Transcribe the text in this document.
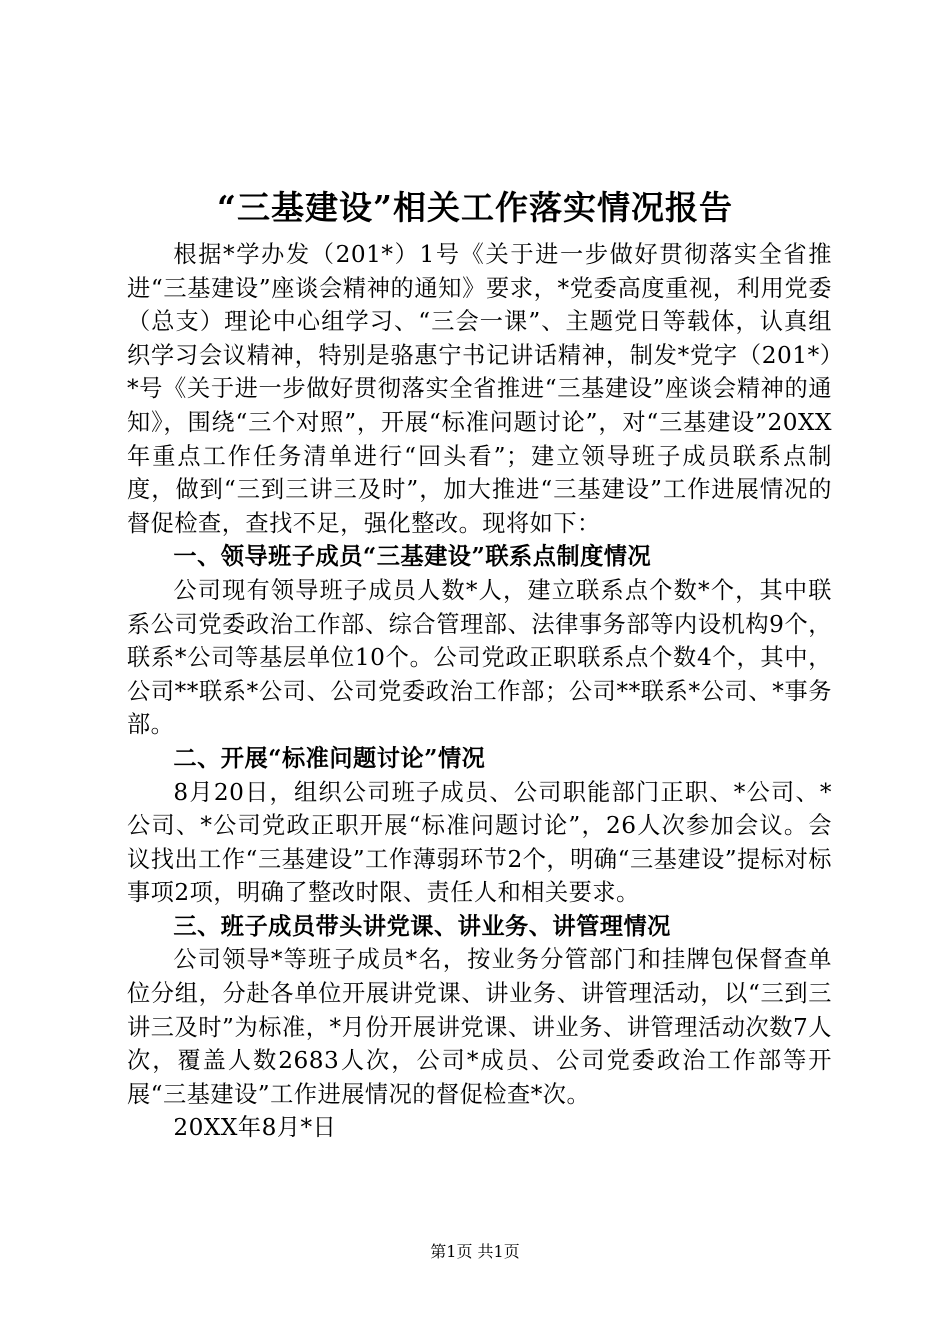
“三基建设”相关工作落实情况报告

根据*学办发（201*）1号《关于进一步做好贯彻落实全省推进“三基建设”座谈会精神的通知》要求，*党委高度重视，利用党委（总支）理论中心组学习、“三会一课”、主题党日等载体，认真组织学习会议精神，特别是骆惠宁书记讲话精神，制发*党字（201*）*号《关于进一步做好贯彻落实全省推进“三基建设”座谈会精神的通知》，围绕“三个对照”，开展“标准问题讨论”，对“三基建设”20XX年重点工作任务清单进行“回头看”；建立领导班子成员联系点制度，做到“三到三讲三及时”，加大推进“三基建设”工作进展情况的督促检查，查找不足，强化整改。现将如下：

一、领导班子成员“三基建设”联系点制度情况

公司现有领导班子成员人数*人，建立联系点个数*个，其中联系公司党委政治工作部、综合管理部、法律事务部等内设机构9个，联系*公司等基层单位10个。公司党政正职联系点个数4个，其中，公司**联系*公司、公司党委政治工作部；公司**联系*公司、*事务部。

二、开展“标准问题讨论”情况

8月20日，组织公司班子成员、公司职能部门正职、*公司、*公司、*公司党政正职开展“标准问题讨论”，26人次参加会议。会议找出工作“三基建设”工作薄弱环节2个，明确“三基建设”提标对标事项2项，明确了整改时限、责任人和相关要求。

三、班子成员带头讲党课、讲业务、讲管理情况

公司领导*等班子成员*名，按业务分管部门和挂牌包保督查单位分组，分赴各单位开展讲党课、讲业务、讲管理活动，以“三到三讲三及时”为标准，*月份开展讲党课、讲业务、讲管理活动次数7人次，覆盖人数2683人次，公司*成员、公司党委政治工作部等开展“三基建设”工作进展情况的督促检查*次。

20XX年8月*日

第1页 共1页
